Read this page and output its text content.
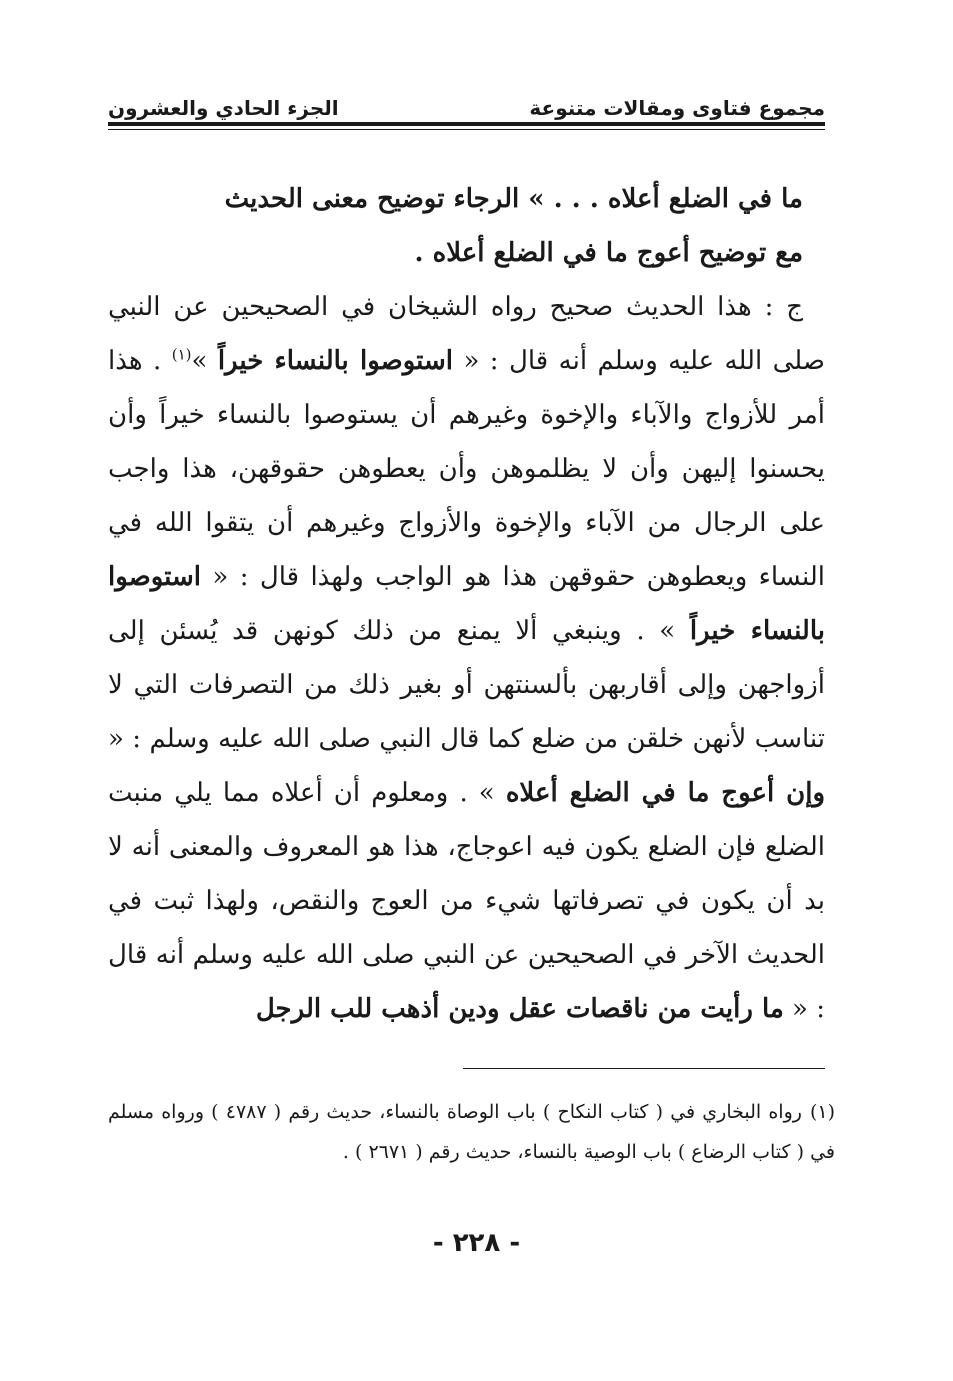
مجموع فتاوى ومقالات متنوعة
الجزء الحادي والعشرون

ما في الضلع أعلاه . . . » الرجاء توضيح معنى الحديث
مع توضيح أعوج ما في الضلع أعلاه .

ج : هذا الحديث صحيح رواه الشيخان في الصحيحين عن النبي صلى الله عليه وسلم أنه قال : « استوصوا بالنساء خيراً »$^{(١)}$ . هذا أمر للأزواج والآباء والإخوة وغيرهم أن يستوصوا بالنساء خيراً وأن يحسنوا إليهن وأن لا يظلموهن وأن يعطوهن حقوقهن، هذا واجب على الرجال من الآباء والإخوة والأزواج وغيرهم أن يتقوا الله في النساء ويعطوهن حقوقهن هذا هو الواجب ولهذا قال : « استوصوا بالنساء خيراً » . وينبغي ألا يمنع من ذلك كونهن قد يُسئن إلى أزواجهن وإلى أقاربهن بألسنتهن أو بغير ذلك من التصرفات التي لا تناسب لأنهن خلقن من ضلع كما قال النبي صلى الله عليه وسلم : « وإن أعوج ما في الضلع أعلاه » . ومعلوم أن أعلاه مما يلي منبت الضلع فإن الضلع يكون فيه اعوجاج، هذا هو المعروف والمعنى أنه لا بد أن يكون في تصرفاتها شيء من العوج والنقص، ولهذا ثبت في الحديث الآخر في الصحيحين عن النبي صلى الله عليه وسلم أنه قال : « ما رأيت من ناقصات عقل ودين أذهب للب الرجل

(١)رواه البخاري في ( كتاب النكاح ) باب الوصاة بالنساء، حديث رقم ( ٤٧٨٧ ) ورواه مسلم في ( كتاب الرضاع ) باب الوصية بالنساء، حديث رقم ( ٢٦٧١ ) .
- ٢٢٨ -
